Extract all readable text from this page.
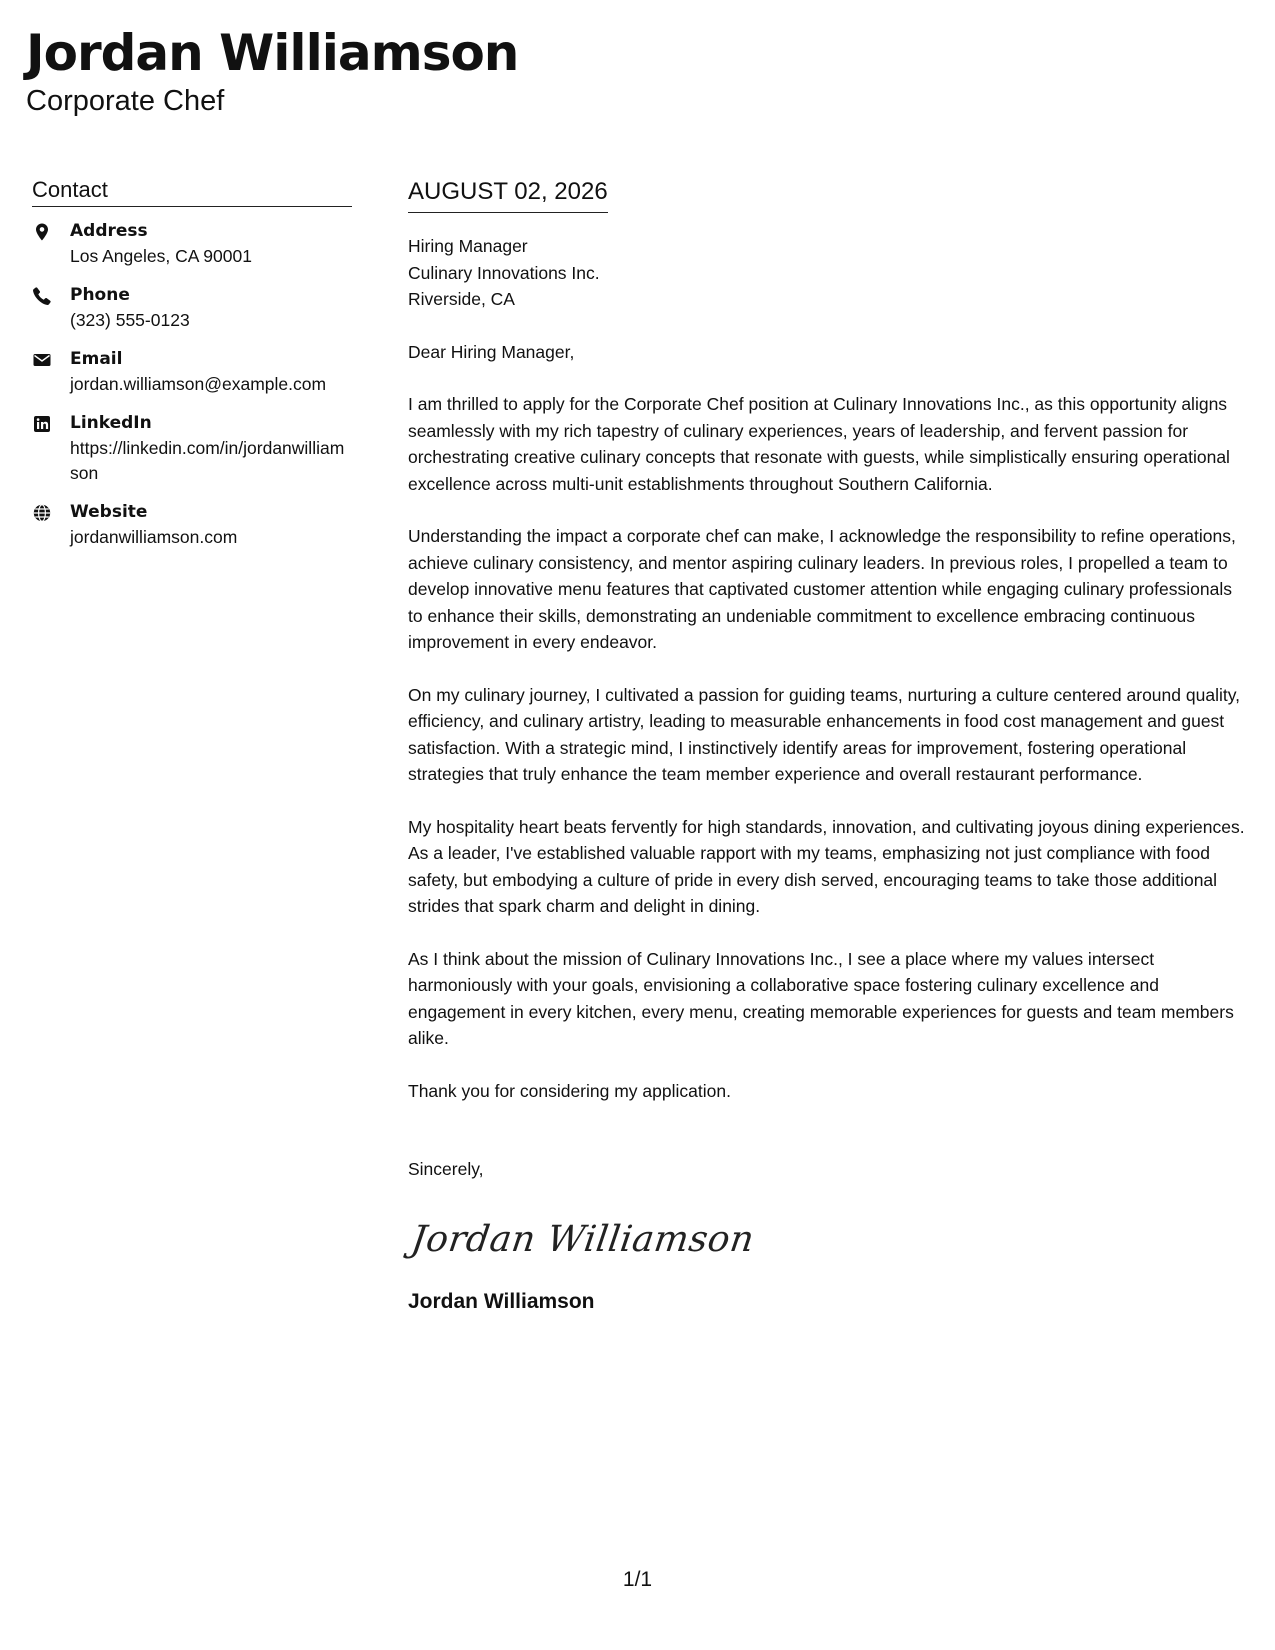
Jordan Williamson
Corporate Chef
Contact
Address
Los Angeles, CA 90001
Phone
(323) 555-0123
Email
jordan.williamson@example.com
LinkedIn
https://linkedin.com/in/jordanwilliamson
Website
jordanwilliamson.com
AUGUST 02, 2026
Hiring Manager
Culinary Innovations Inc.
Riverside, CA

Dear Hiring Manager,

I am thrilled to apply for the Corporate Chef position at Culinary Innovations Inc., as this opportunity aligns seamlessly with my rich tapestry of culinary experiences, years of leadership, and fervent passion for orchestrating creative culinary concepts that resonate with guests, while simplistically ensuring operational excellence across multi-unit establishments throughout Southern California.

Understanding the impact a corporate chef can make, I acknowledge the responsibility to refine operations, achieve culinary consistency, and mentor aspiring culinary leaders. In previous roles, I propelled a team to develop innovative menu features that captivated customer attention while engaging culinary professionals to enhance their skills, demonstrating an undeniable commitment to excellence embracing continuous improvement in every endeavor.

On my culinary journey, I cultivated a passion for guiding teams, nurturing a culture centered around quality, efficiency, and culinary artistry, leading to measurable enhancements in food cost management and guest satisfaction. With a strategic mind, I instinctively identify areas for improvement, fostering operational strategies that truly enhance the team member experience and overall restaurant performance.

My hospitality heart beats fervently for high standards, innovation, and cultivating joyous dining experiences. As a leader, I've established valuable rapport with my teams, emphasizing not just compliance with food safety, but embodying a culture of pride in every dish served, encouraging teams to take those additional strides that spark charm and delight in dining.

As I think about the mission of Culinary Innovations Inc., I see a place where my values intersect harmoniously with your goals, envisioning a collaborative space fostering culinary excellence and engagement in every kitchen, every menu, creating memorable experiences for guests and team members alike.

Thank you for considering my application.

Sincerely,

Jordan Williamson
Jordan Williamson
1/1
